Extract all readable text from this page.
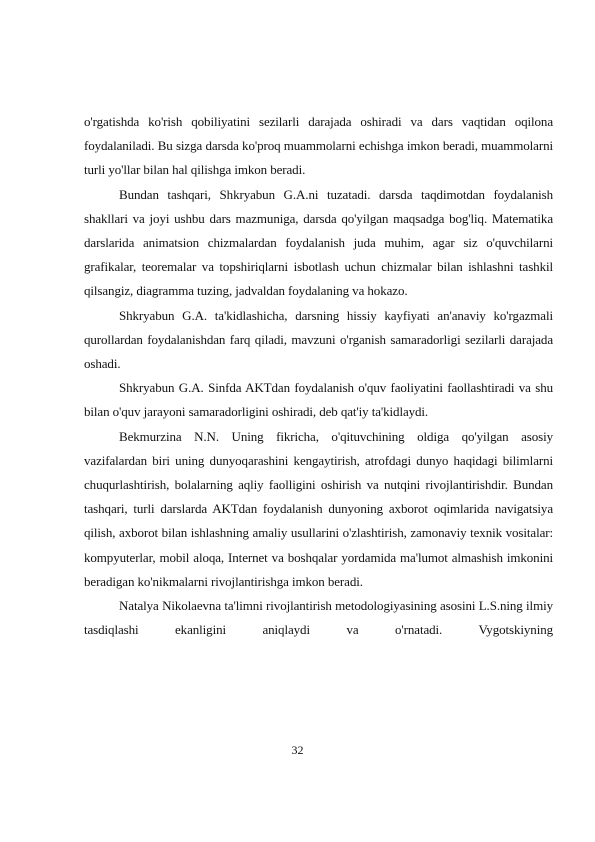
o'rgatishda ko'rish qobiliyatini sezilarli darajada oshiradi va dars vaqtidan oqilona foydalaniladi. Bu sizga darsda ko'proq muammolarni echishga imkon beradi, muammolarni turli yo'llar bilan hal qilishga imkon beradi.

Bundan tashqari, Shkryabun G.A.ni tuzatadi. darsda taqdimotdan foydalanish shakllari va joyi ushbu dars mazmuniga, darsda qo'yilgan maqsadga bog'liq. Matematika darslarida animatsion chizmalardan foydalanish juda muhim, agar siz o'quvchilarni grafikalar, teoremalar va topshiriqlarni isbotlash uchun chizmalar bilan ishlashni tashkil qilsangiz, diagramma tuzing, jadvaldan foydalaning va hokazo.

Shkryabun G.A. ta'kidlashicha, darsning hissiy kayfiyati an'anaviy ko'rgazmali qurollardan foydalanishdan farq qiladi, mavzuni o'rganish samaradorligi sezilarli darajada oshadi.

Shkryabun G.A. Sinfda AKTdan foydalanish o'quv faoliyatini faollashtiradi va shu bilan o'quv jarayoni samaradorligini oshiradi, deb qat'iy ta'kidlaydi.

Bekmurzina N.N. Uning fikricha, o'qituvchining oldiga qo'yilgan asosiy vazifalardan biri uning dunyoqarashini kengaytirish, atrofdagi dunyo haqidagi bilimlarni chuqurlashtirish, bolalarning aqliy faolligini oshirish va nutqini rivojlantirishdir. Bundan tashqari, turli darslarda AKTdan foydalanish dunyoning axborot oqimlarida navigatsiya qilish, axborot bilan ishlashning amaliy usullarini o'zlashtirish, zamonaviy texnik vositalar: kompyuterlar, mobil aloqa, Internet va boshqalar yordamida ma'lumot almashish imkonini beradigan ko'nikmalarni rivojlantirishga imkon beradi.

Natalya Nikolaevna ta'limni rivojlantirish metodologiyasining asosini L.S.ning ilmiy tasdiqlashi ekanligini aniqlaydi va o'rnatadi. Vygotskiyning

32
